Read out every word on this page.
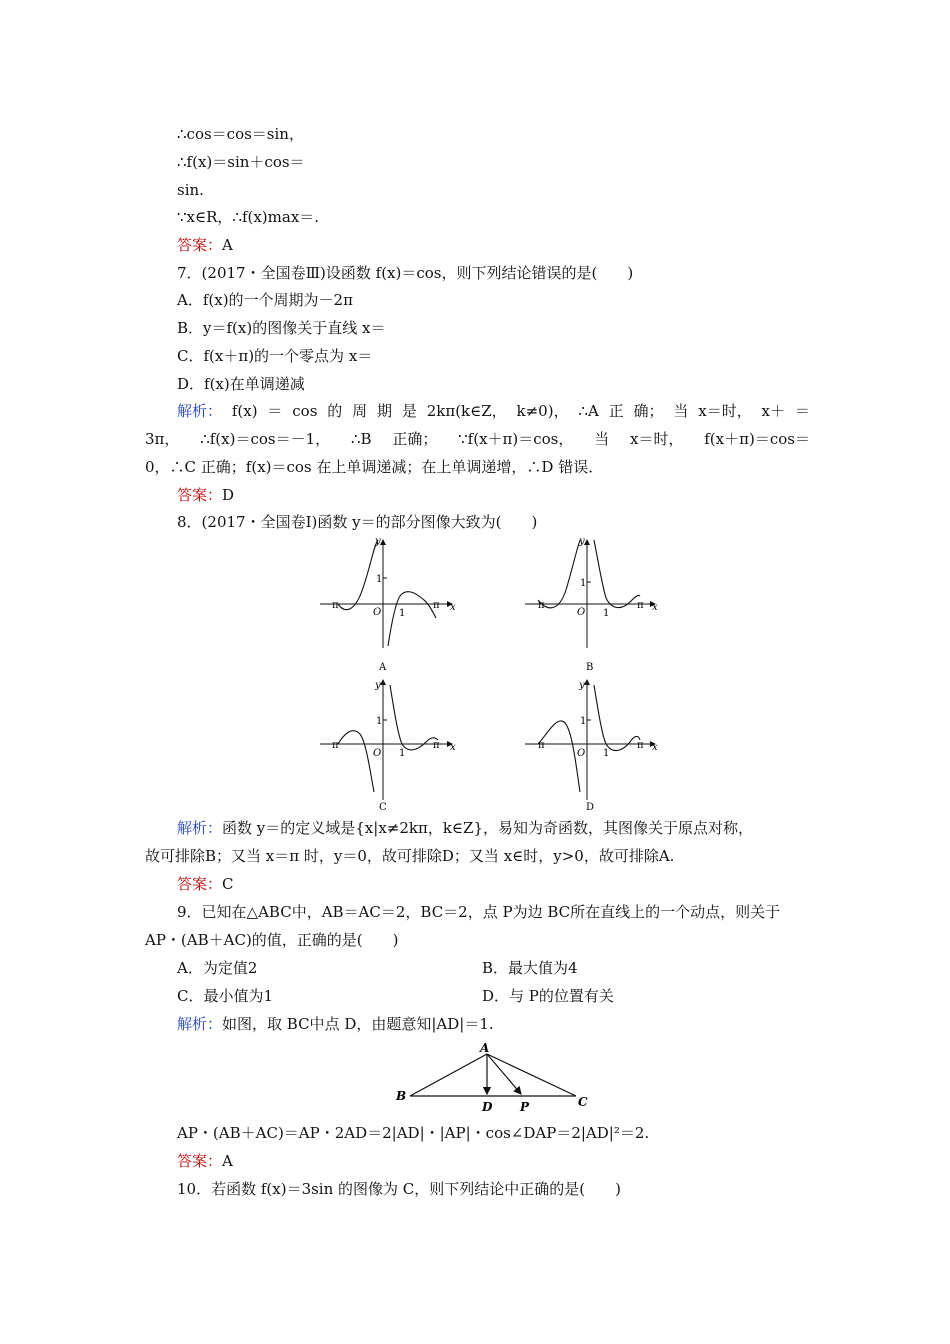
∴cos＝cos＝sin，
∴f(x)＝sin＋cos＝
sin.
∵x∈R，∴f(x)max＝.
答案：A
7．(2017・全国卷Ⅲ)设函数 f(x)＝cos，则下列结论错误的是(　　)
A．f(x)的一个周期为－2π
B．y＝f(x)的图像关于直线 x＝
C．f(x＋π)的一个零点为 x＝
D．f(x)在单调递减
解析： f(x) ＝ cos 的 周 期 是 2kπ(k∈Z， k≠0)， ∴A 正 确； 当 x＝时， x＋ ＝
3π， ∴f(x)＝cos＝－1， ∴B 正确； ∵f(x＋π)＝cos， 当 x＝时， f(x＋π)＝cos＝
0，∴C 正确；f(x)＝cos 在上单调递减；在上单调递增，∴D 错误．
答案：D
8．(2017・全国卷Ⅰ)函数 y＝的部分图像大致为(　　)
y
x
1
O
－π	π
1
A
y
x
1
O
－π	π
1
B
y
x
1
O
－π	π
1
C
y
x
1
O
－π	π
1
D
解析：函数 y＝的定义域是{x|x≠2kπ，k∈Z}，易知为奇函数，其图像关于原点对称，
故可排除B；又当 x＝π 时，y＝0，故可排除D；又当 x∈时，y>0，故可排除A.
答案：C
9．已知在△ABC中，AB＝AC＝2，BC＝2，点 P为边 BC所在直线上的一个动点，则关于
AP・(AB＋AC)的值，正确的是(　　)
A．为定值2	B．最大值为4
C．最小值为1	D．与 P的位置有关
解析：如图，取 BC中点 D，由题意知|AD|＝1.
A
B	C
D P
AP・(AB＋AC)＝AP・2AD＝2|AD|・|AP|・cos∠DAP＝2|AD|²＝2.
答案：A
10．若函数 f(x)＝3sin 的图像为 C，则下列结论中正确的是(　　)
